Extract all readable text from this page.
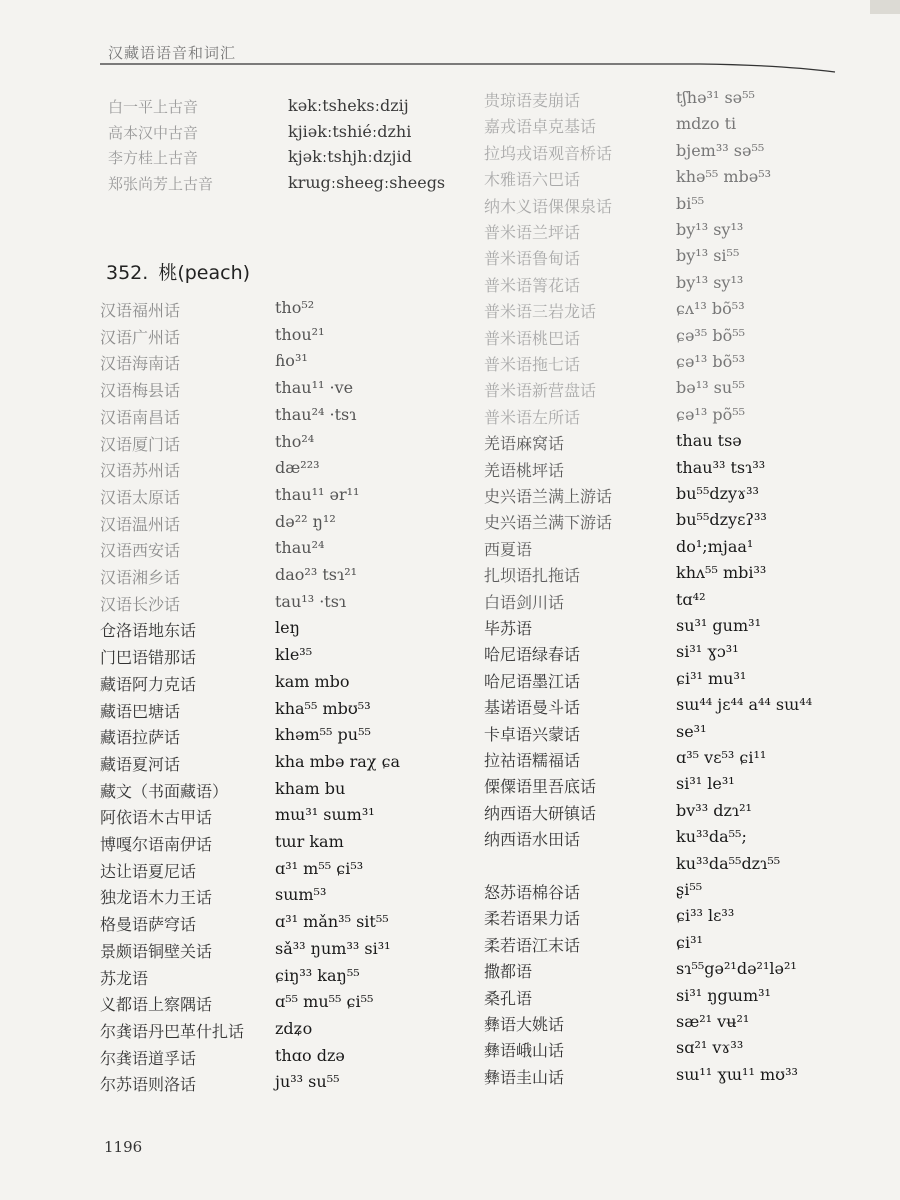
汉藏语语音和词汇
白一平上古音	kəkːtsheksːdzij
高本汉中古音	kjiəkːtshiéːdzhi
李方桂上古音	kjəkːtshjhːdzjid
郑张尚芳上古音	krɯgːsheegːsheegs
352. 桃(peach)
汉语福州话	tho⁵²
汉语广州话	thou²¹
汉语海南话	ɦo³¹
汉语梅县话	thau¹¹ ·ve
汉语南昌话	thau²⁴ ·tsɿ
汉语厦门话	tho²⁴
汉语苏州话	dæ²²³
汉语太原话	thau¹¹ ər¹¹
汉语温州话	də²² ŋ¹²
汉语西安话	thau²⁴
汉语湘乡话	dao²³ tsɿ²¹
汉语长沙话	tau¹³ ·tsɿ
仓洛语地东话	leŋ
门巴语错那话	kle³⁵
藏语阿力克话	kam mbo
藏语巴塘话	kha⁵⁵ mbʊ⁵³
藏语拉萨话	khəm⁵⁵ pu⁵⁵
藏语夏河话	kha mbə raχ ɕa
藏文（书面藏语）	kham bu
阿依语木古甲话	mɯ³¹ sɯm³¹
博嘎尔语南伊话	tɯr kam
达让语夏尼话	ɑ³¹ m⁵⁵ ɕi⁵³
独龙语木力王话	sɯm⁵³
格曼语萨穹话	ɑ³¹ mǎn³⁵ sit⁵⁵
景颇语铜壁关话	sǎ³³ ŋum³³ si³¹
苏龙语	ɕiŋ³³ kaŋ⁵⁵
义都语上察隅话	ɑ⁵⁵ mu⁵⁵ ɕi⁵⁵
尔龚语丹巴革什扎话 zdʑo
尔龚语道孚话	thɑo dzə
尔苏语则洛话	ju³³ su⁵⁵
贵琼语麦崩话	tʃhə³¹ sə⁵⁵
嘉戎语卓克基话	mdzo ti
拉坞戎语观音桥话	bjem³³ sə⁵⁵
木雅语六巴话	khə⁵⁵ mbə⁵³
纳木义语倮倮泉话	bi⁵⁵
普米语兰坪话	by¹³ sy¹³
普米语鲁甸话	by¹³ si⁵⁵
普米语箐花话	by¹³ sy¹³
普米语三岩龙话	ɕʌ¹³ bõ⁵³
普米语桃巴话	ɕə³⁵ bõ⁵⁵
普米语拖七话	ɕə¹³ bõ⁵³
普米语新营盘话	bə¹³ su⁵⁵
普米语左所话	ɕə¹³ põ⁵⁵
羌语麻窝话	thau tsə
羌语桃坪话	thau³³ tsɿ³³
史兴语兰满上游话	bu⁵⁵dzyɤ³³
史兴语兰满下游话	bu⁵⁵dzyɛʔ³³
西夏语	do¹;mjaa¹
扎坝语扎拖话	khʌ⁵⁵ mbi³³
白语剑川话	tɑ⁴²
毕苏语	su³¹ gum³¹
哈尼语绿春话	si³¹ ɣɔ³¹
哈尼语墨江话	ɕi³¹ mu³¹
基诺语曼斗话	sɯ⁴⁴ jɛ⁴⁴ a⁴⁴ sɯ⁴⁴
卡卓语兴蒙话	se³¹
拉祜语糯福话	ɑ³⁵ vɛ⁵³ ɕi¹¹
傈僳语里吾底话	si³¹ le³¹
纳西语大研镇话	bv³³ dzɿ²¹
纳西语水田话	ku³³da⁵⁵;
ku³³da⁵⁵dzɿ⁵⁵
怒苏语棉谷话	ʂi⁵⁵
柔若语果力话	ɕi³³ lɛ³³
柔若语江末话	ɕi³¹
撒都语	sɿ⁵⁵gə²¹də²¹lə²¹
桑孔语	si³¹ ŋgɯm³¹
彝语大姚话	sæ²¹ vʉ²¹
彝语峨山话	sɑ²¹ vɤ³³
彝语圭山话	sɯ¹¹ ɣɯ¹¹ mʊ³³
1196
